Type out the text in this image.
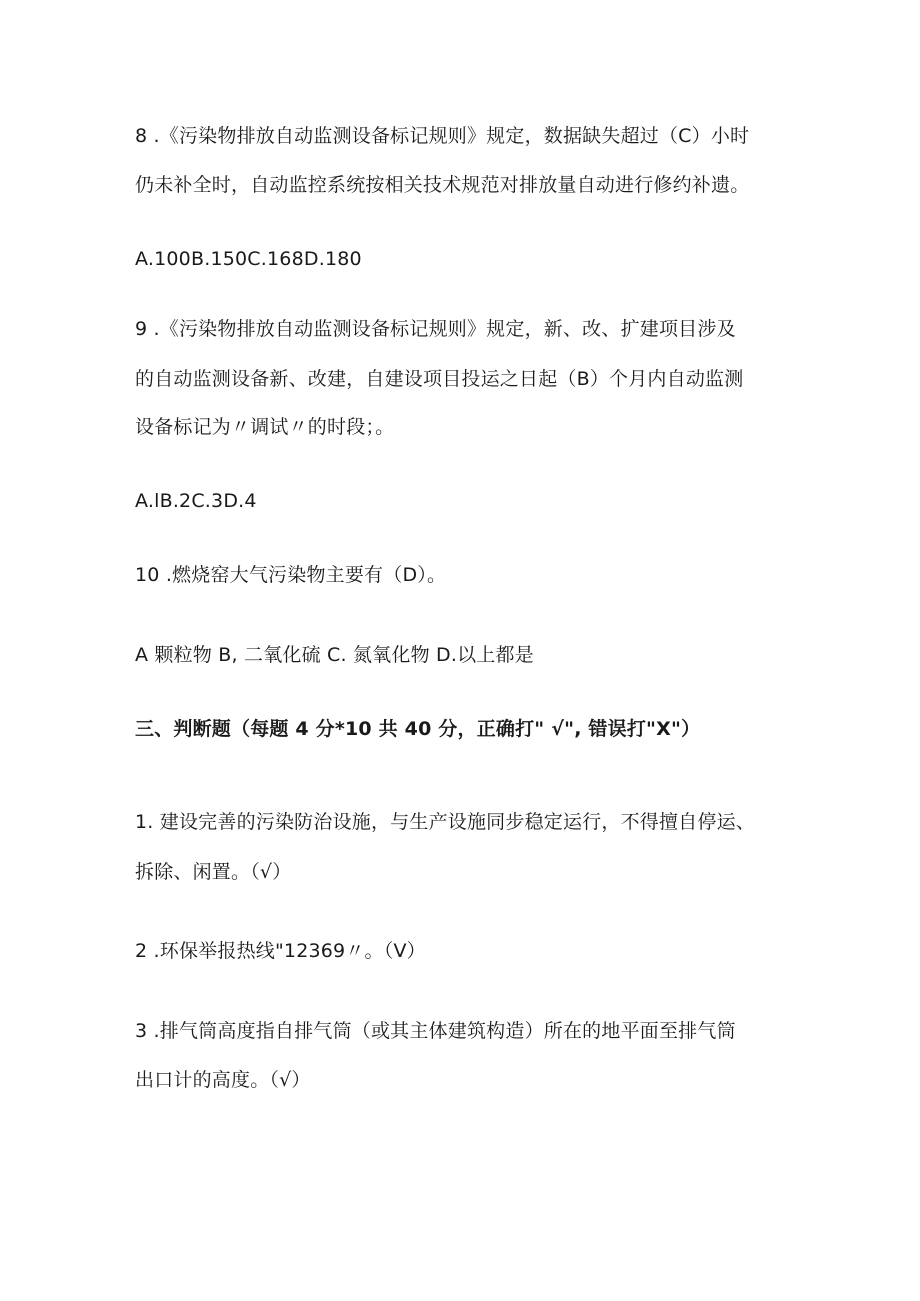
8 .《污染物排放自动监测设备标记规则》规定，数据缺失超过（C）小时
仍未补全时，自动监控系统按相关技术规范对排放量自动进行修约补遗。
A.100B.150C.168D.180
9 .《污染物排放自动监测设备标记规则》规定，新、改、扩建项目涉及
的自动监测设备新、改建，自建设项目投运之日起（B）个月内自动监测
设备标记为〃调试〃的时段；。
A.lB.2C.3D.4
10 .燃烧窑大气污染物主要有（D）。
A 颗粒物 B, 二氧化硫 C. 氮氧化物 D.以上都是
三、判断题（每题 4 分*10 共 40 分，正确打" √", 错误打"X"）
1. 建设完善的污染防治设施，与生产设施同步稳定运行，不得擅自停运、
拆除、闲置。（√）
2 .环保举报热线"12369〃。（V）
3 .排气筒高度指自排气筒（或其主体建筑构造）所在的地平面至排气筒
出口计的高度。（√）
